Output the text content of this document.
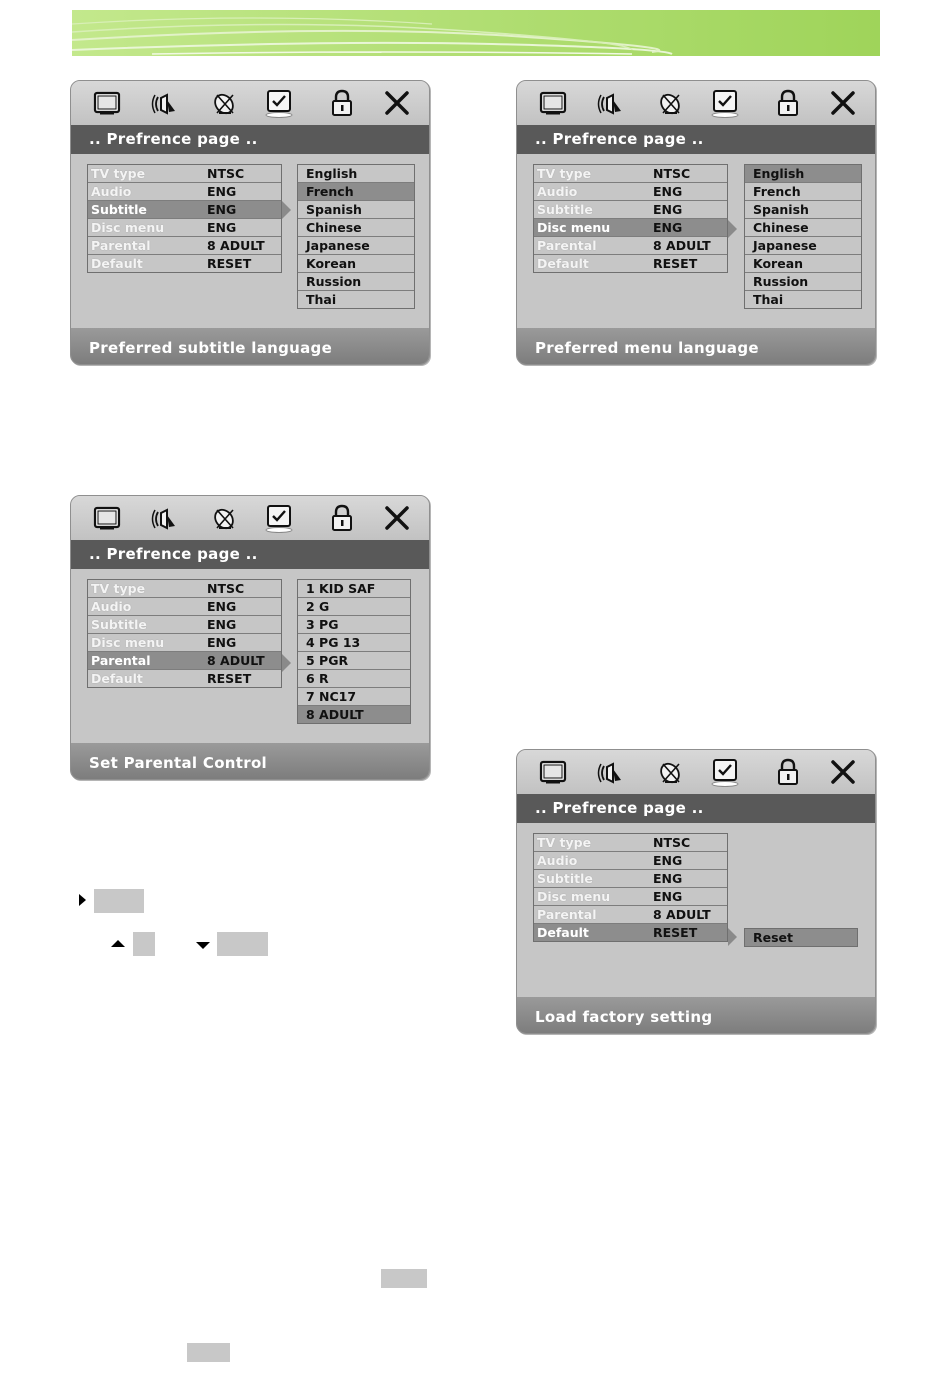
.. Prefrence page ..
TV type	NTSC
Audio	ENG
Subtitle	ENG
Disc menu	ENG
Parental	8 ADULT
Default	RESET
English
French
Spanish
Chinese
Japanese
Korean
Russion
Thai
Preferred subtitle language
.. Prefrence page ..
TV type	NTSC
Audio	ENG
Subtitle	ENG
Disc menu	ENG
Parental	8 ADULT
Default	RESET
English
French
Spanish
Chinese
Japanese
Korean
Russion
Thai
Preferred menu language
.. Prefrence page ..
TV type	NTSC
Audio	ENG
Subtitle	ENG
Disc menu	ENG
Parental	8 ADULT
Default	RESET
1 KID SAF
2 G
3 PG
4 PG 13
5 PGR
6 R
7 NC17
8 ADULT
Set Parental Control
.. Prefrence page ..
TV type	NTSC
Audio	ENG
Subtitle	ENG
Disc menu	ENG
Parental	8 ADULT
Default	RESET	Reset
Load factory setting
